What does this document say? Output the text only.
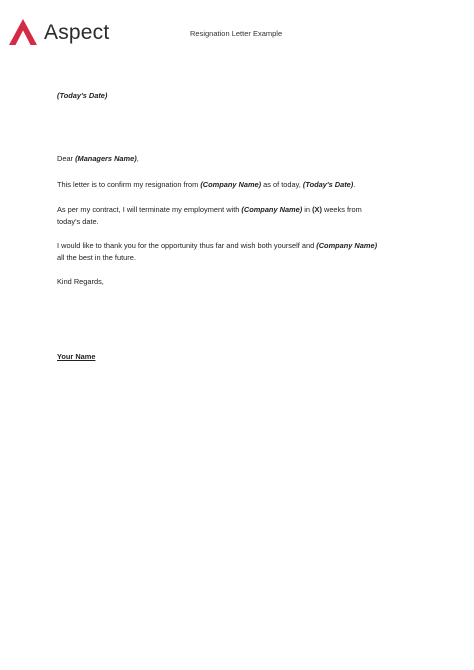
Aspect	Resignation Letter Example

(Today's Date)

Dear (Managers Name),

This letter is to confirm my resignation from (Company Name) as of today, (Today's Date).

As per my contract, I will terminate my employment with (Company Name) in (X) weeks from
today's date.

I would like to thank you for the opportunity thus far and wish both yourself and (Company Name)
all the best in the future.

Kind Regards,

Your Name
